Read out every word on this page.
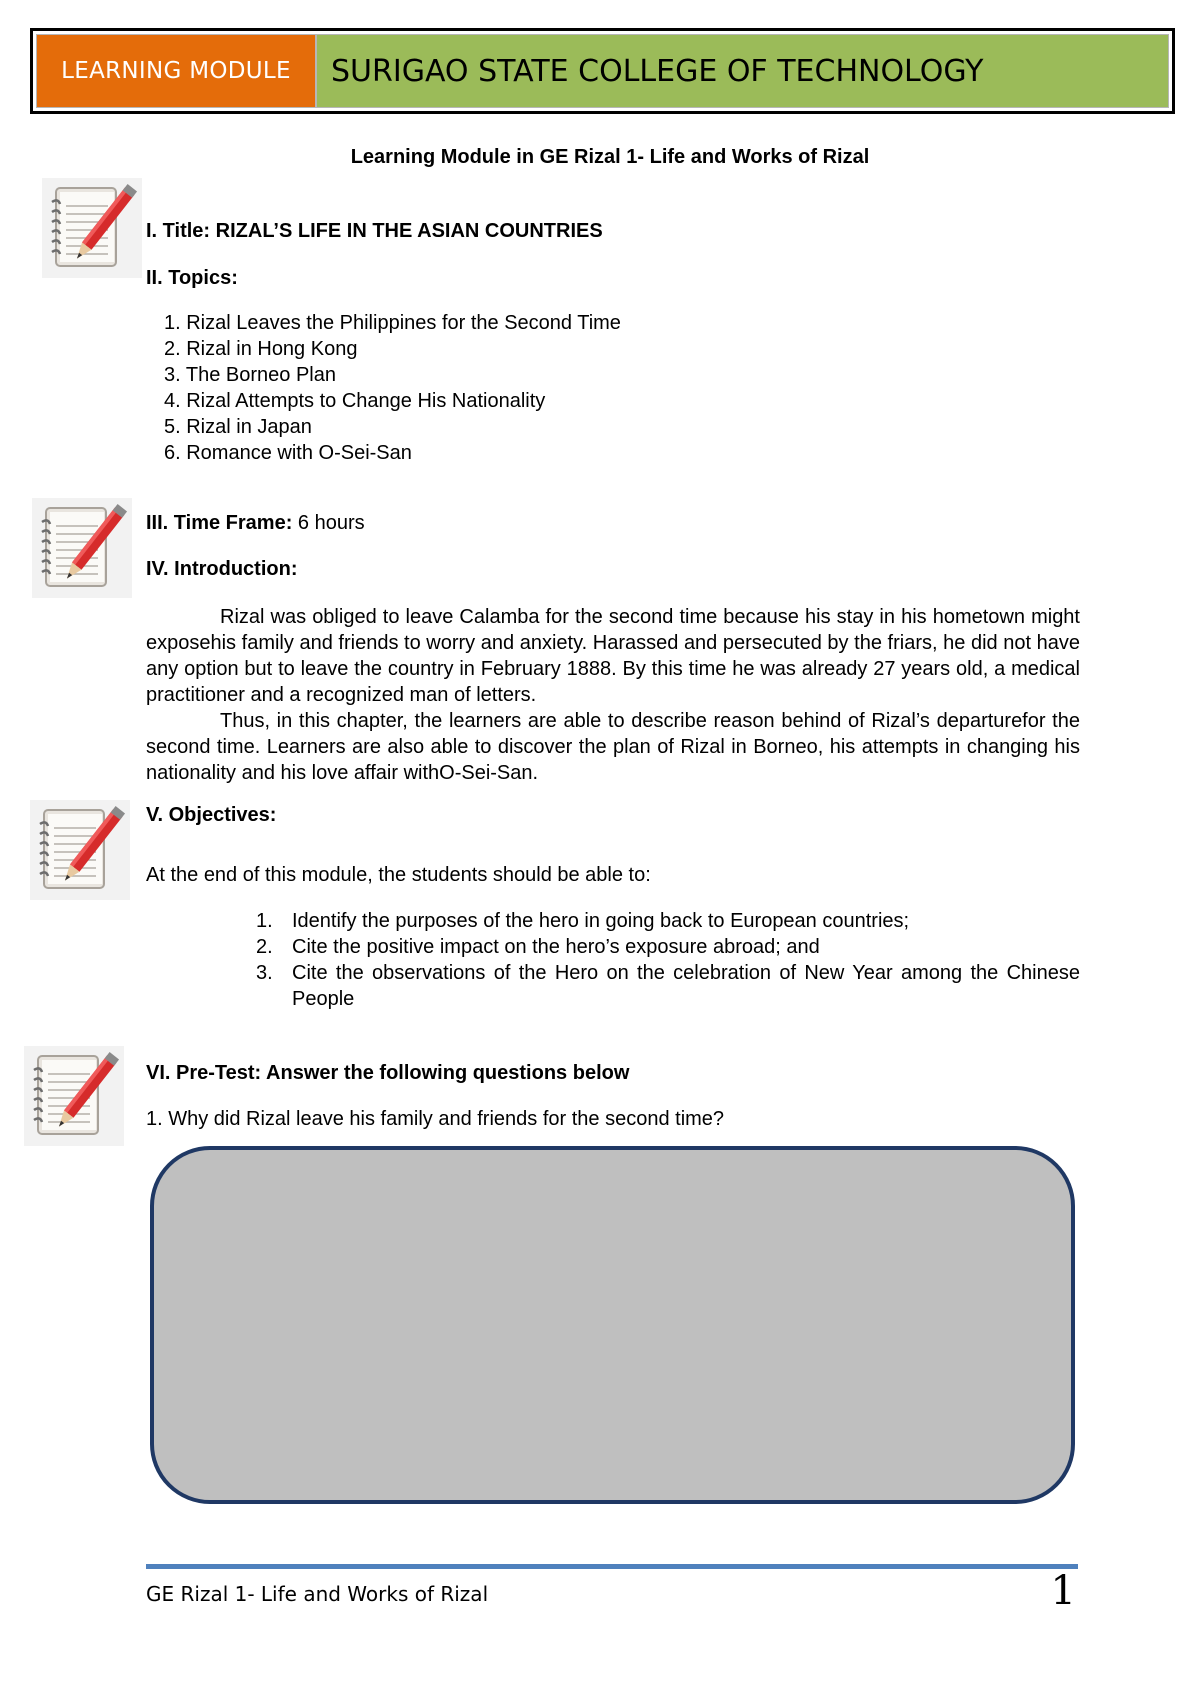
LEARNING MODULE	SURIGAO STATE COLLEGE OF TECHNOLOGY
Learning Module in GE Rizal 1- Life and Works of Rizal
I. Title: RIZAL’S LIFE IN THE ASIAN COUNTRIES
II. Topics:
1. Rizal Leaves the Philippines for the Second Time
2. Rizal in Hong Kong
3. The Borneo Plan
4. Rizal Attempts to Change His Nationality
5. Rizal in Japan
6. Romance with O-Sei-San
III. Time Frame: 6 hours
IV. Introduction:

Rizal was obliged to leave Calamba for the second time because his stay in his hometown might exposehis family and friends to worry and anxiety. Harassed and persecuted by the friars, he did not have any option but to leave the country in February 1888. By this time he was already 27 years old, a medical practitioner and a recognized man of letters.

Thus, in this chapter, the learners are able to describe reason behind of Rizal’s departurefor the second time. Learners are also able to discover the plan of Rizal in Borneo, his attempts in changing his nationality and his love affair withO-Sei-San.

V. Objectives:
At the end of this module, the students should be able to:
1. Identify the purposes of the hero in going back to European countries;
2. Cite the positive impact on the hero’s exposure abroad; and
3. Cite the observations of the Hero on the celebration of New Year among the Chinese People
VI. Pre-Test: Answer the following questions below
1. Why did Rizal leave his family and friends for the second time?
GE Rizal 1- Life and Works of Rizal	1
